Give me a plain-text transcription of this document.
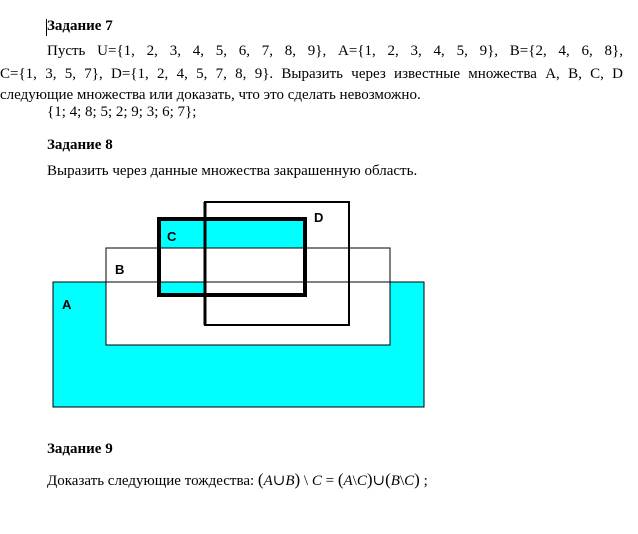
Задание 7
Пусть U={1, 2, 3, 4, 5, 6, 7, 8, 9}, A={1, 2, 3, 4, 5, 9}, B={2, 4, 6, 8},
C={1, 3, 5, 7}, D={1, 2, 4, 5, 7, 8, 9}. Выразить через известные множества A, B, C, D
следующие множества или доказать, что это сделать невозможно.
{1; 4; 8; 5; 2; 9; 3; 6; 7};
Задание 8
Выразить через данные множества закрашенную область.
A
B
C
D
Задание 9
Доказать следующие тождества: (A∪B) \ C = (A\C)∪(B\C) ;
